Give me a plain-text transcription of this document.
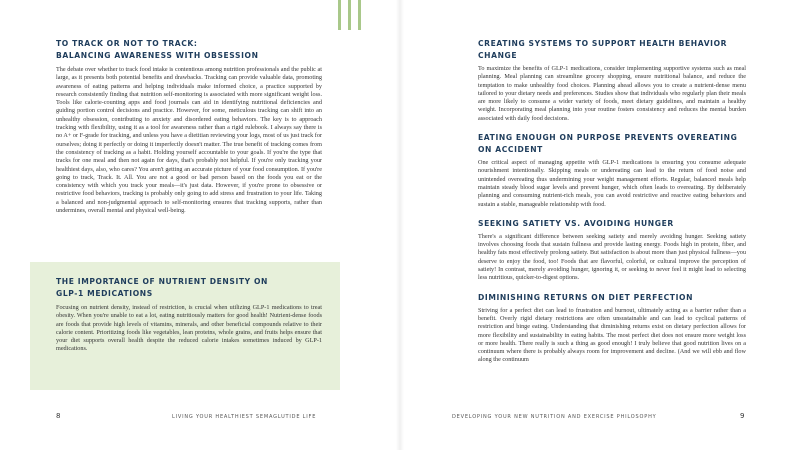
TO TRACK OR NOT TO TRACK:

BALANCING AWARENESS WITH OBSESSION

The debate over whether to track food intake is contentious among nutrition professionals and the public at large, as it presents both potential benefits and drawbacks. Tracking can provide valuable data, promoting awareness of eating patterns and helping individuals make informed choice, a practice supported by research consistently finding that nutrition self-monitoring is associated with more significant weight loss. Tools like calorie-counting apps and food journals can aid in identifying nutritional deficiencies and guiding portion control decisions and practice. However, for some, meticulous tracking can shift into an unhealthy obsession, contributing to anxiety and disordered eating behaviors. The key is to approach tracking with flexibility, using it as a tool for awareness rather than a rigid rulebook. I always say there is no A+ or F-grade for tracking, and unless you have a dietitian reviewing your logs, most of us just track for ourselves; doing it perfectly or doing it imperfectly doesn't matter. The true benefit of tracking comes from the consistency of tracking as a habit. Holding yourself accountable to your goals. If you're the type that tracks for one meal and then not again for days, that's probably not helpful. If you're only tracking your healthiest days, also, who cares? You aren't getting an accurate picture of your food consumption. If you're going to track, Track. It. All. You are not a good or bad person based on the foods you eat or the consistency with which you track your meals—it's just data. However, if you're prone to obsessive or restrictive food behaviors, tracking is probably only going to add stress and frustration to your life. Taking a balanced and non-judgmental approach to self-monitoring ensures that tracking supports, rather than undermines, overall mental and physical well-being.

THE IMPORTANCE OF NUTRIENT DENSITY ON

GLP-1 MEDICATIONS

Focusing on nutrient density, instead of restriction, is crucial when utilizing GLP-1 medications to treat obesity. When you're unable to eat a lot, eating nutritiously matters for good health! Nutrient-dense foods are foods that provide high levels of vitamins, minerals, and other beneficial compounds relative to their calorie content. Prioritizing foods like vegetables, lean proteins, whole grains, and fruits helps ensure that your diet supports overall health despite the reduced calorie intakes sometimes induced by GLP-1 medications.

8	LIVING YOUR HEALTHIEST SEMAGLUTIDE LIFE

CREATING SYSTEMS TO SUPPORT HEALTH BEHAVIOR CHANGE

To maximize the benefits of GLP-1 medications, consider implementing supportive systems such as meal planning. Meal planning can streamline grocery shopping, ensure nutritional balance, and reduce the temptation to make unhealthy food choices. Planning ahead allows you to create a nutrient-dense menu tailored to your dietary needs and preferences. Studies show that individuals who regularly plan their meals are more likely to consume a wider variety of foods, meet dietary guidelines, and maintain a healthy weight. Incorporating meal planning into your routine fosters consistency and reduces the mental burden associated with daily food decisions.

EATING ENOUGH ON PURPOSE PREVENTS OVEREATING

ON ACCIDENT

One critical aspect of managing appetite with GLP-1 medications is ensuring you consume adequate nourishment intentionally. Skipping meals or undereating can lead to the return of food noise and unintended overeating thus undermining your weight management efforts. Regular, balanced meals help maintain steady blood sugar levels and prevent hunger, which often leads to overeating. By deliberately planning and consuming nutrient-rich meals, you can avoid restrictive and reactive eating behaviors and sustain a stable, manageable relationship with food.

SEEKING SATIETY VS. AVOIDING HUNGER

There's a significant difference between seeking satiety and merely avoiding hunger. Seeking satiety involves choosing foods that sustain fullness and provide lasting energy. Foods high in protein, fiber, and healthy fats most effectively prolong satiety. But satisfaction is about more than just physical fullness—you deserve to enjoy the food, too! Foods that are flavorful, colorful, or cultural improve the perception of satiety! In contrast, merely avoiding hunger, ignoring it, or seeking to never feel it might lead to selecting less nutritious, quicker-to-digest options.

DIMINISHING RETURNS ON DIET PERFECTION

Striving for a perfect diet can lead to frustration and burnout, ultimately acting as a barrier rather than a benefit. Overly rigid dietary restrictions are often unsustainable and can lead to cyclical patterns of restriction and binge eating. Understanding that diminishing returns exist on dietary perfection allows for more flexibility and sustainability in eating habits. The most perfect diet does not ensure more weight loss or more health. There really is such a thing as good enough! I truly believe that good nutrition lives on a continuum where there is probably always room for improvement and decline. (And we will ebb and flow along the continuum

DEVELOPING YOUR NEW NUTRITION AND EXERCISE PHILOSOPHY	9
